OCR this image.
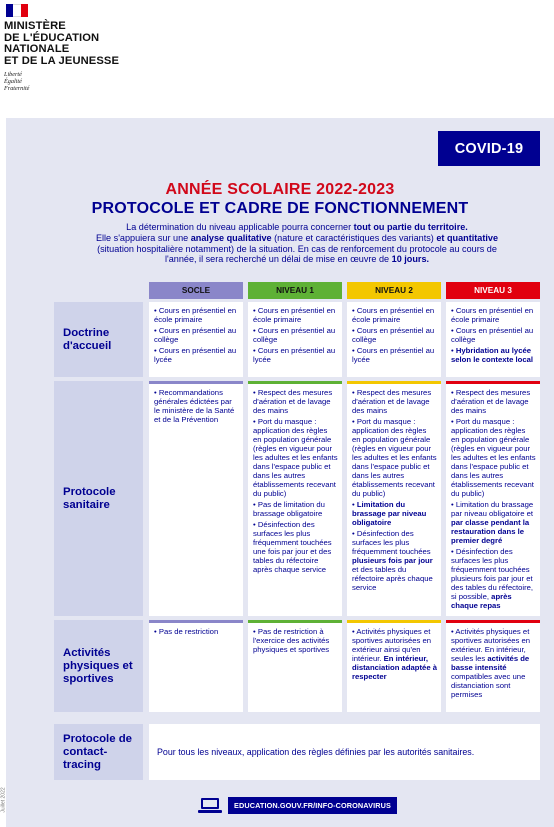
MINISTÈRE
DE L'ÉDUCATION
NATIONALE
ET DE LA JEUNESSE
Liberté
Égalité
Fraternité
COVID-19
ANNÉE SCOLAIRE 2022-2023
PROTOCOLE ET CADRE DE FONCTIONNEMENT
La détermination du niveau applicable pourra concerner tout ou partie du territoire.
Elle s'appuiera sur une analyse qualitative (nature et caractéristiques des variants) et quantitative
(situation hospitalière notamment) de la situation. En cas de renforcement du protocole au cours de
l'année, il sera recherché un délai de mise en œuvre de 10 jours.
SOCLE	NIVEAU 1	NIVEAU 2	NIVEAU 3
Doctrine d'accueil
Protocole sanitaire
Activités physiques et sportives
Protocole de contact-tracing
• Cours en présentiel en école primaire
• Cours en présentiel au collège
• Cours en présentiel au lycée
• Cours en présentiel en école primaire
• Cours en présentiel au collège
• Cours en présentiel au lycée
• Cours en présentiel en école primaire
• Cours en présentiel au collège
• Cours en présentiel au lycée
• Cours en présentiel en école primaire
• Cours en présentiel au collège
• Hybridation au lycée selon le contexte local
• Recommandations générales édictées par le ministère de la Santé et de la Prévention
• Respect des mesures d'aération et de lavage des mains
• Port du masque : application des règles en population générale (règles en vigueur pour les adultes et les enfants dans l'espace public et dans les autres établissements recevant du public)
• Pas de limitation du brassage obligatoire
• Désinfection des surfaces les plus fréquemment touchées une fois par jour et des tables du réfectoire après chaque service
• Respect des mesures d'aération et de lavage des mains
• Port du masque : application des règles en population générale (règles en vigueur pour les adultes et les enfants dans l'espace public et dans les autres établissements recevant du public)
• Limitation du brassage par niveau obligatoire
• Désinfection des surfaces les plus fréquemment touchées plusieurs fois par jour et des tables du réfectoire après chaque service
• Respect des mesures d'aération et de lavage des mains
• Port du masque : application des règles en population générale (règles en vigueur pour les adultes et les enfants dans l'espace public et dans les autres établissements recevant du public)
• Limitation du brassage par niveau obligatoire et par classe pendant la restauration dans le premier degré
• Désinfection des surfaces les plus fréquemment touchées plusieurs fois par jour et des tables du réfectoire, si possible, après chaque repas
• Pas de restriction
•	Pas de restriction à l'exercice des activités physiques et sportives
• Activités physiques et sportives autorisées en extérieur ainsi qu'en intérieur. En intérieur, distanciation adaptée à respecter
• Activités physiques et sportives autorisées en extérieur. En intérieur, seules les activités de basse intensité compatibles avec une distanciation sont permises
Pour tous les niveaux, application des règles définies par les autorités sanitaires.
EDUCATION.GOUV.FR/INFO-CORONAVIRUS
Juillet 2022
